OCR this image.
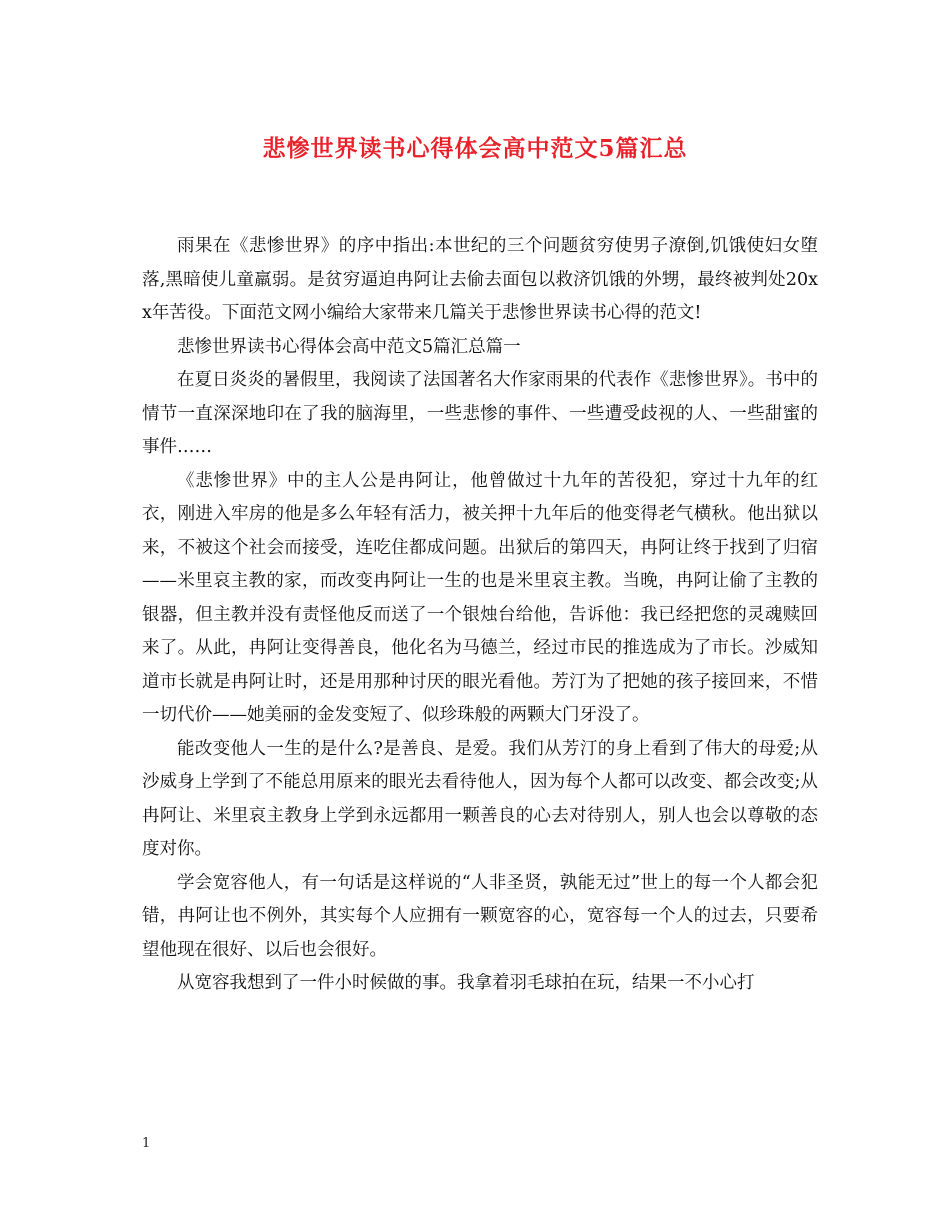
悲惨世界读书心得体会高中范文5篇汇总

雨果在《悲惨世界》的序中指出:本世纪的三个问题贫穷使男子潦倒,饥饿使妇女堕落,黑暗使儿童羸弱。是贫穷逼迫冉阿让去偷去面包以救济饥饿的外甥，最终被判处20xx年苦役。下面范文网小编给大家带来几篇关于悲惨世界读书心得的范文!

悲惨世界读书心得体会高中范文5篇汇总篇一

在夏日炎炎的暑假里，我阅读了法国著名大作家雨果的代表作《悲惨世界》。书中的情节一直深深地印在了我的脑海里，一些悲惨的事件、一些遭受歧视的人、一些甜蜜的事件……

《悲惨世界》中的主人公是冉阿让，他曾做过十九年的苦役犯，穿过十九年的红衣，刚进入牢房的他是多么年轻有活力，被关押十九年后的他变得老气横秋。他出狱以来，不被这个社会而接受，连吃住都成问题。出狱后的第四天，冉阿让终于找到了归宿——米里哀主教的家，而改变冉阿让一生的也是米里哀主教。当晚，冉阿让偷了主教的银器，但主教并没有责怪他反而送了一个银烛台给他，告诉他：我已经把您的灵魂赎回来了。从此，冉阿让变得善良，他化名为马德兰，经过市民的推选成为了市长。沙威知道市长就是冉阿让时，还是用那种讨厌的眼光看他。芳汀为了把她的孩子接回来，不惜一切代价——她美丽的金发变短了、似珍珠般的两颗大门牙没了。

能改变他人一生的是什么?是善良、是爱。我们从芳汀的身上看到了伟大的母爱;从沙威身上学到了不能总用原来的眼光去看待他人，因为每个人都可以改变、都会改变;从冉阿让、米里哀主教身上学到永远都用一颗善良的心去对待别人，别人也会以尊敬的态度对你。

学会宽容他人，有一句话是这样说的“人非圣贤，孰能无过”世上的每一个人都会犯错，冉阿让也不例外，其实每个人应拥有一颗宽容的心，宽容每一个人的过去，只要希望他现在很好、以后也会很好。

从宽容我想到了一件小时候做的事。我拿着羽毛球拍在玩，结果一不小心打

1
